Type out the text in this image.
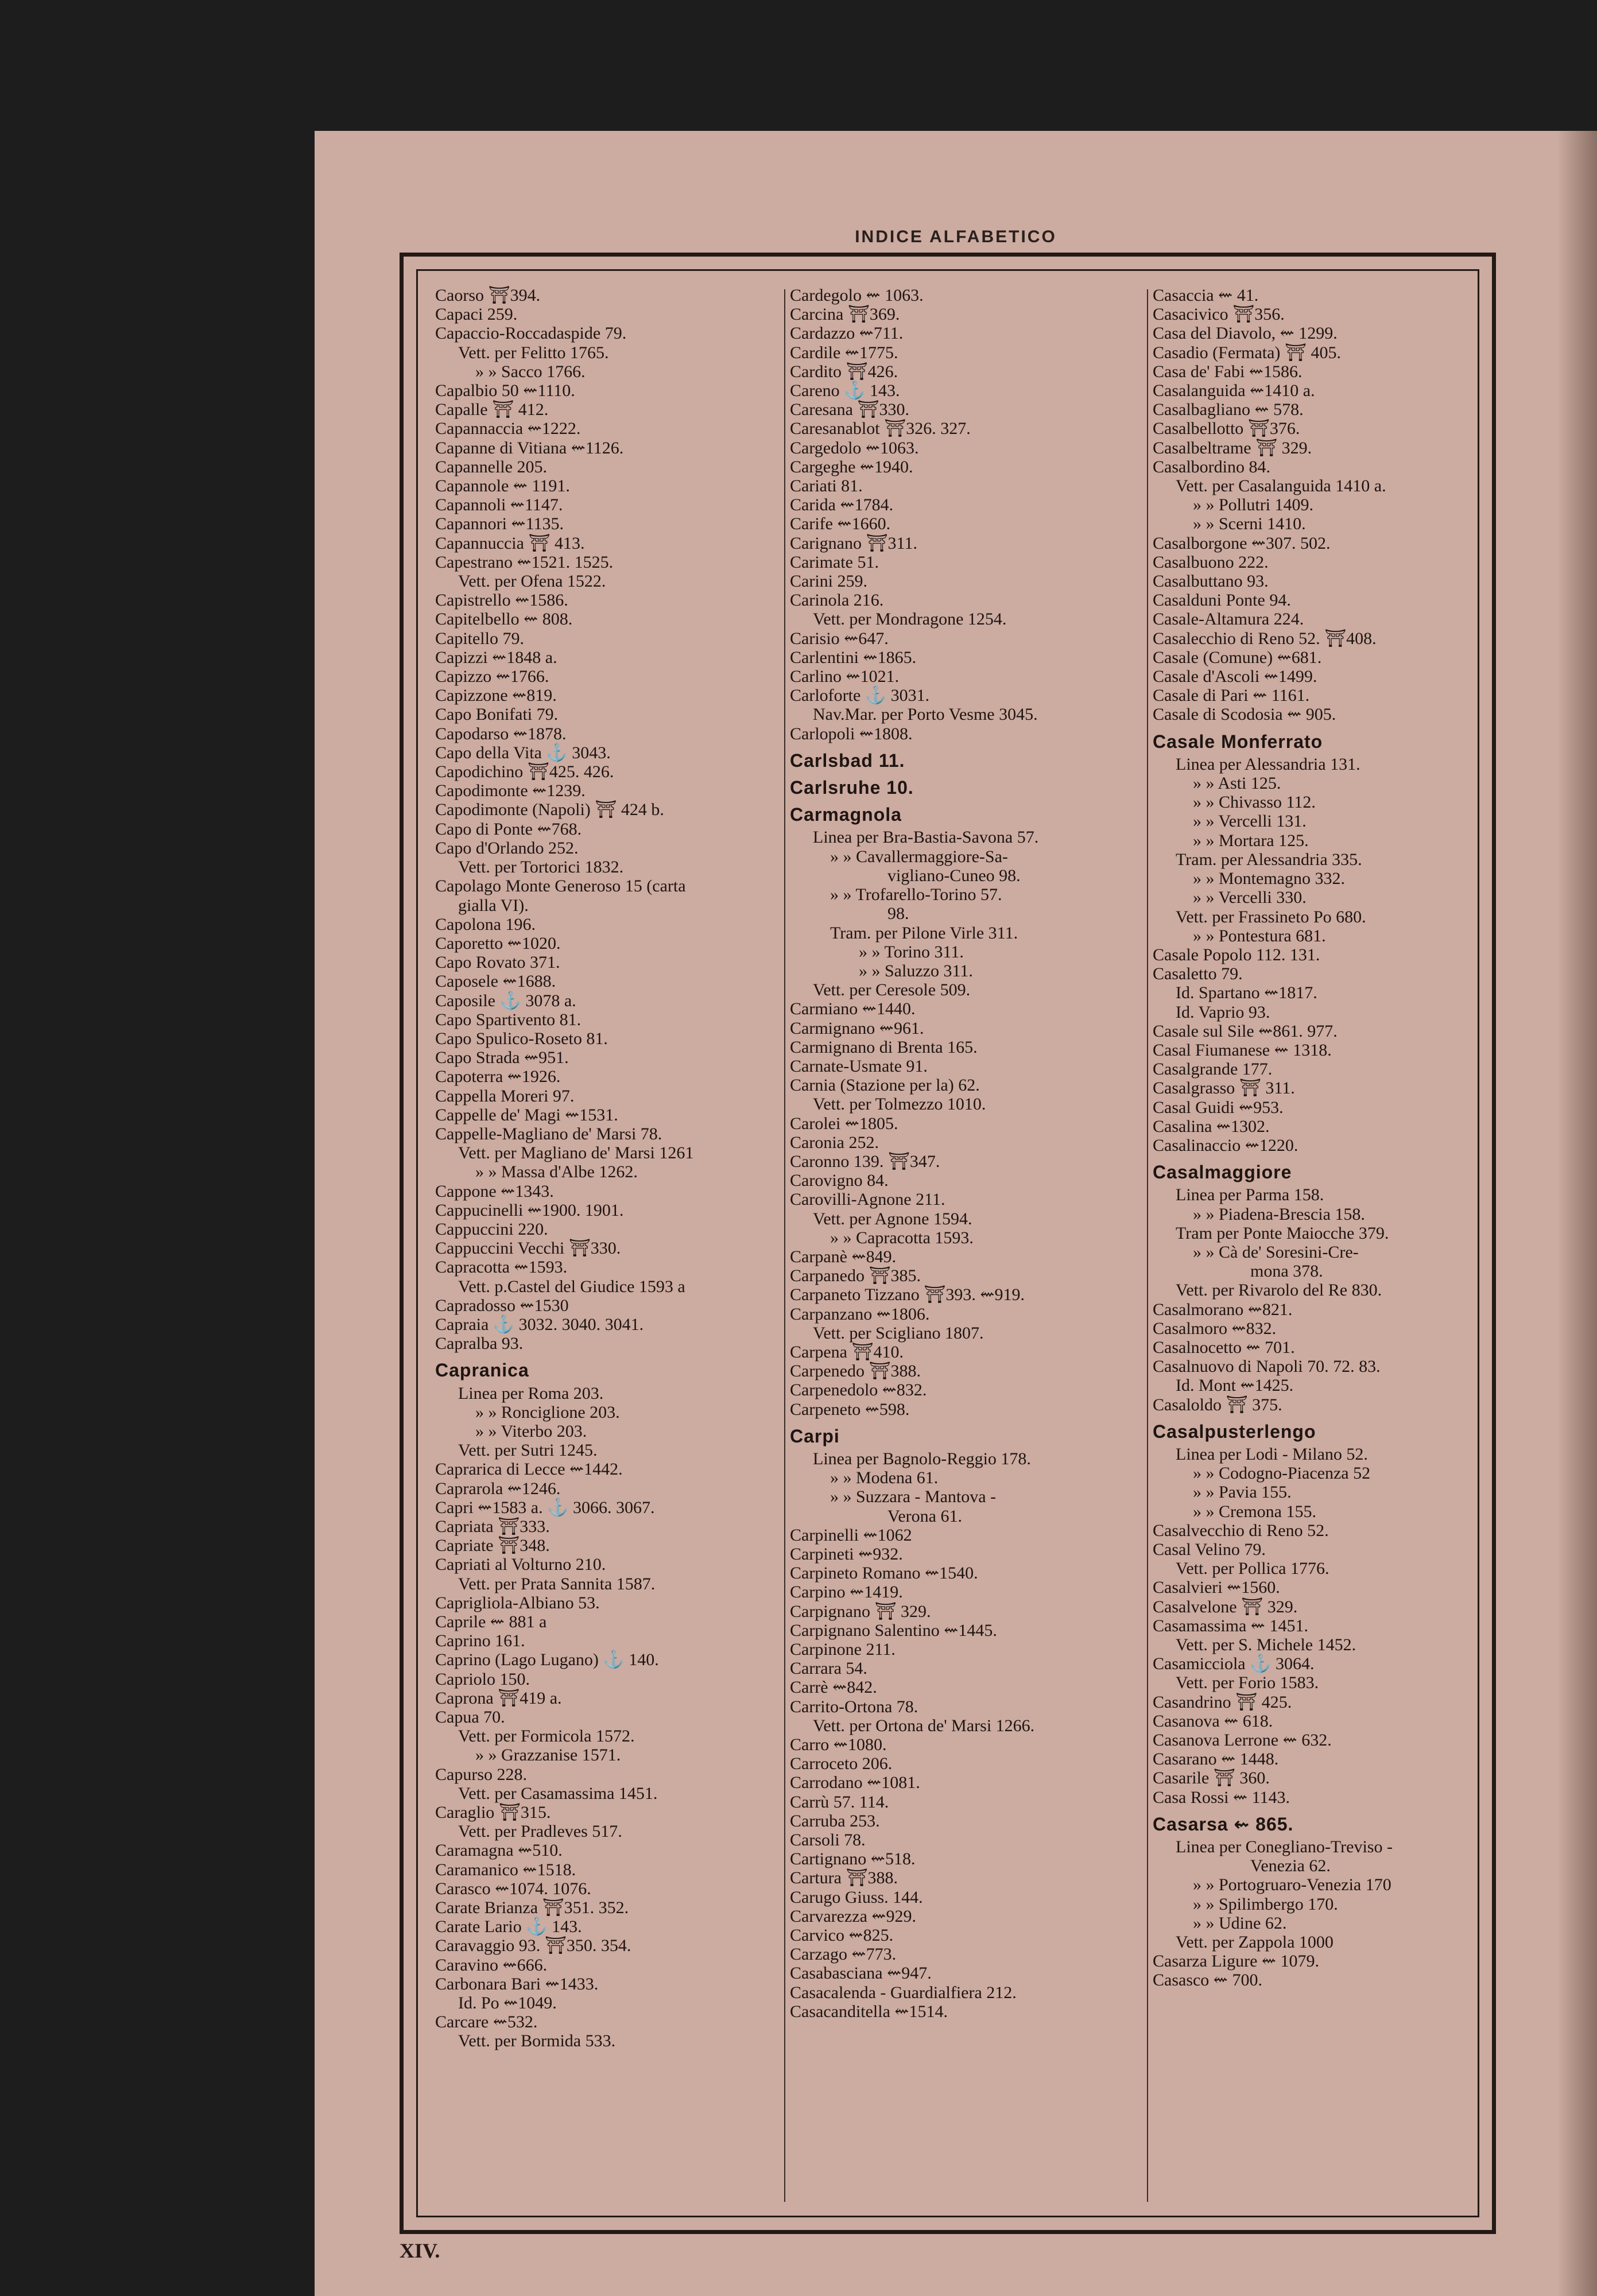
INDICE ALFABETICO
Caorso ⛩394.
Capaci 259.
Capaccio-Roccadaspide 79.
Vett. per Felitto 1765.
» » Sacco 1766.
Capalbio 50 ⇜1110.
Capalle ⛩ 412.
Capannaccia ⇜1222.
Capanne di Vitiana ⇜1126.
Capannelle 205.
Capannole ⇜ 1191.
Capannoli ⇜1147.
Capannori ⇜1135.
Capannuccia ⛩ 413.
Capestrano ⇜1521. 1525.
Vett. per Ofena 1522.
Capistrello ⇜1586.
Capitelbello ⇜ 808.
Capitello 79.
Capizzi ⇜1848 a.
Capizzo ⇜1766.
Capizzone ⇜819.
Capo Bonifati 79.
Capodarso ⇜1878.
Capo della Vita ⚓ 3043.
Capodichino ⛩425. 426.
Capodimonte ⇜1239.
Capodimonte (Napoli) ⛩ 424 b.
Capo di Ponte ⇜768.
Capo d'Orlando 252.
Vett. per Tortorici 1832.
Capolago Monte Generoso 15 (carta
gialla VI).
Capolona 196.
Caporetto ⇜1020.
Capo Rovato 371.
Caposele ⇜1688.
Caposile ⚓ 3078 a.
Capo Spartivento 81.
Capo Spulico-Roseto 81.
Capo Strada ⇜951.
Capoterra ⇜1926.
Cappella Moreri 97.
Cappelle de' Magi ⇜1531.
Cappelle-Magliano de' Marsi 78.
Vett. per Magliano de' Marsi 1261
» » Massa d'Albe 1262.
Cappone ⇜1343.
Cappucinelli ⇜1900. 1901.
Cappuccini 220.
Cappuccini Vecchi ⛩330.
Capracotta ⇜1593.
Vett. p.Castel del Giudice 1593 a
Capradosso ⇜1530
Capraia ⚓ 3032. 3040. 3041.
Capralba 93.
Capranica
Linea per Roma 203.
» » Ronciglione 203.
» » Viterbo 203.
Vett. per Sutri 1245.
Caprarica di Lecce ⇜1442.
Caprarola ⇜1246.
Capri ⇜1583 a. ⚓ 3066. 3067.
Capriata ⛩333.
Capriate ⛩348.
Capriati al Volturno 210.
Vett. per Prata Sannita 1587.
Caprigliola-Albiano 53.
Caprile ⇜ 881 a
Caprino 161.
Caprino (Lago Lugano) ⚓ 140.
Capriolo 150.
Caprona ⛩419 a.
Capua 70.
Vett. per Formicola 1572.
» » Grazzanise 1571.
Capurso 228.
Vett. per Casamassima 1451.
Caraglio ⛩315.
Vett. per Pradleves 517.
Caramagna ⇜510.
Caramanico ⇜1518.
Carasco ⇜1074. 1076.
Carate Brianza ⛩351. 352.
Carate Lario ⚓ 143.
Caravaggio 93. ⛩350. 354.
Caravino ⇜666.
Carbonara Bari ⇜1433.
Id. Po ⇜1049.
Carcare ⇜532.
Vett. per Bormida 533.
Cardegolo ⇜ 1063.
Carcina ⛩369.
Cardazzo ⇜711.
Cardile ⇜1775.
Cardito ⛩426.
Careno ⚓ 143.
Caresana ⛩330.
Caresanablot ⛩326. 327.
Cargedolo ⇜1063.
Cargeghe ⇜1940.
Cariati 81.
Carida ⇜1784.
Carife ⇜1660.
Carignano ⛩311.
Carimate 51.
Carini 259.
Carinola 216.
Vett. per Mondragone 1254.
Carisio ⇜647.
Carlentini ⇜1865.
Carlino ⇜1021.
Carloforte ⚓ 3031.
Nav.Mar. per Porto Vesme 3045.
Carlopoli ⇜1808.
Carlsbad 11.
Carlsruhe 10.
Carmagnola
Linea per Bra-Bastia-Savona 57.
» » Cavallermaggiore-Sa-
vigliano-Cuneo 98.
» » Trofarello-Torino 57.
98.
Tram. per Pilone Virle 311.
» » Torino 311.
» » Saluzzo 311.
Vett. per Ceresole 509.
Carmiano ⇜1440.
Carmignano ⇜961.
Carmignano di Brenta 165.
Carnate-Usmate 91.
Carnia (Stazione per la) 62.
Vett. per Tolmezzo 1010.
Carolei ⇜1805.
Caronia 252.
Caronno 139. ⛩347.
Carovigno 84.
Carovilli-Agnone 211.
Vett. per Agnone 1594.
» » Capracotta 1593.
Carpanè ⇜849.
Carpanedo ⛩385.
Carpaneto Tizzano ⛩393. ⇜919.
Carpanzano ⇜1806.
Vett. per Scigliano 1807.
Carpena ⛩410.
Carpenedo ⛩388.
Carpenedolo ⇜832.
Carpeneto ⇜598.
Carpi
Linea per Bagnolo-Reggio 178.
» » Modena 61.
» » Suzzara - Mantova -
Verona 61.
Carpinelli ⇜1062
Carpineti ⇜932.
Carpineto Romano ⇜1540.
Carpino ⇜1419.
Carpignano ⛩ 329.
Carpignano Salentino ⇜1445.
Carpinone 211.
Carrara 54.
Carrè ⇜842.
Carrito-Ortona 78.
Vett. per Ortona de' Marsi 1266.
Carro ⇜1080.
Carroceto 206.
Carrodano ⇜1081.
Carrù 57. 114.
Carruba 253.
Carsoli 78.
Cartignano ⇜518.
Cartura ⛩388.
Carugo Giuss. 144.
Carvarezza ⇜929.
Carvico ⇜825.
Carzago ⇜773.
Casabasciana ⇜947.
Casacalenda - Guardialfiera 212.
Casacanditella ⇜1514.
Casaccia ⇜ 41.
Casacivico ⛩356.
Casa del Diavolo, ⇜ 1299.
Casadio (Fermata) ⛩ 405.
Casa de' Fabi ⇜1586.
Casalanguida ⇜1410 a.
Casalbagliano ⇜ 578.
Casalbellotto ⛩376.
Casalbeltrame ⛩ 329.
Casalbordino 84.
Vett. per Casalanguida 1410 a.
» » Pollutri 1409.
» » Scerni 1410.
Casalborgone ⇜307. 502.
Casalbuono 222.
Casalbuttano 93.
Casalduni Ponte 94.
Casale-Altamura 224.
Casalecchio di Reno 52. ⛩408.
Casale (Comune) ⇜681.
Casale d'Ascoli ⇜1499.
Casale di Pari ⇜ 1161.
Casale di Scodosia ⇜ 905.
Casale Monferrato
Linea per Alessandria 131.
» » Asti 125.
» » Chivasso 112.
» » Vercelli 131.
» » Mortara 125.
Tram. per Alessandria 335.
» » Montemagno 332.
» » Vercelli 330.
Vett. per Frassineto Po 680.
» » Pontestura 681.
Casale Popolo 112. 131.
Casaletto 79.
Id. Spartano ⇜1817.
Id. Vaprio 93.
Casale sul Sile ⇜861. 977.
Casal Fiumanese ⇜ 1318.
Casalgrande 177.
Casalgrasso ⛩ 311.
Casal Guidi ⇜953.
Casalina ⇜1302.
Casalinaccio ⇜1220.
Casalmaggiore
Linea per Parma 158.
» » Piadena-Brescia 158.
Tram per Ponte Maiocche 379.
» » Cà de' Soresini-Cre-
mona 378.
Vett. per Rivarolo del Re 830.
Casalmorano ⇜821.
Casalmoro ⇜832.
Casalnocetto ⇜ 701.
Casalnuovo di Napoli 70. 72. 83.
Id. Mont ⇜1425.
Casaloldo ⛩ 375.
Casalpusterlengo
Linea per Lodi - Milano 52.
» » Codogno-Piacenza 52
» » Pavia 155.
» » Cremona 155.
Casalvecchio di Reno 52.
Casal Velino 79.
Vett. per Pollica 1776.
Casalvieri ⇜1560.
Casalvelone ⛩ 329.
Casamassima ⇜ 1451.
Vett. per S. Michele 1452.
Casamicciola ⚓ 3064.
Vett. per Forio 1583.
Casandrino ⛩ 425.
Casanova ⇜ 618.
Casanova Lerrone ⇜ 632.
Casarano ⇜ 1448.
Casarile ⛩ 360.
Casa Rossi ⇜ 1143.
Casarsa ⇜ 865.
Linea per Conegliano-Treviso -
Venezia 62.
» » Portogruaro-Venezia 170
» » Spilimbergo 170.
» » Udine 62.
Vett. per Zappola 1000
Casarza Ligure ⇜ 1079.
Casasco ⇜ 700.
XIV.
